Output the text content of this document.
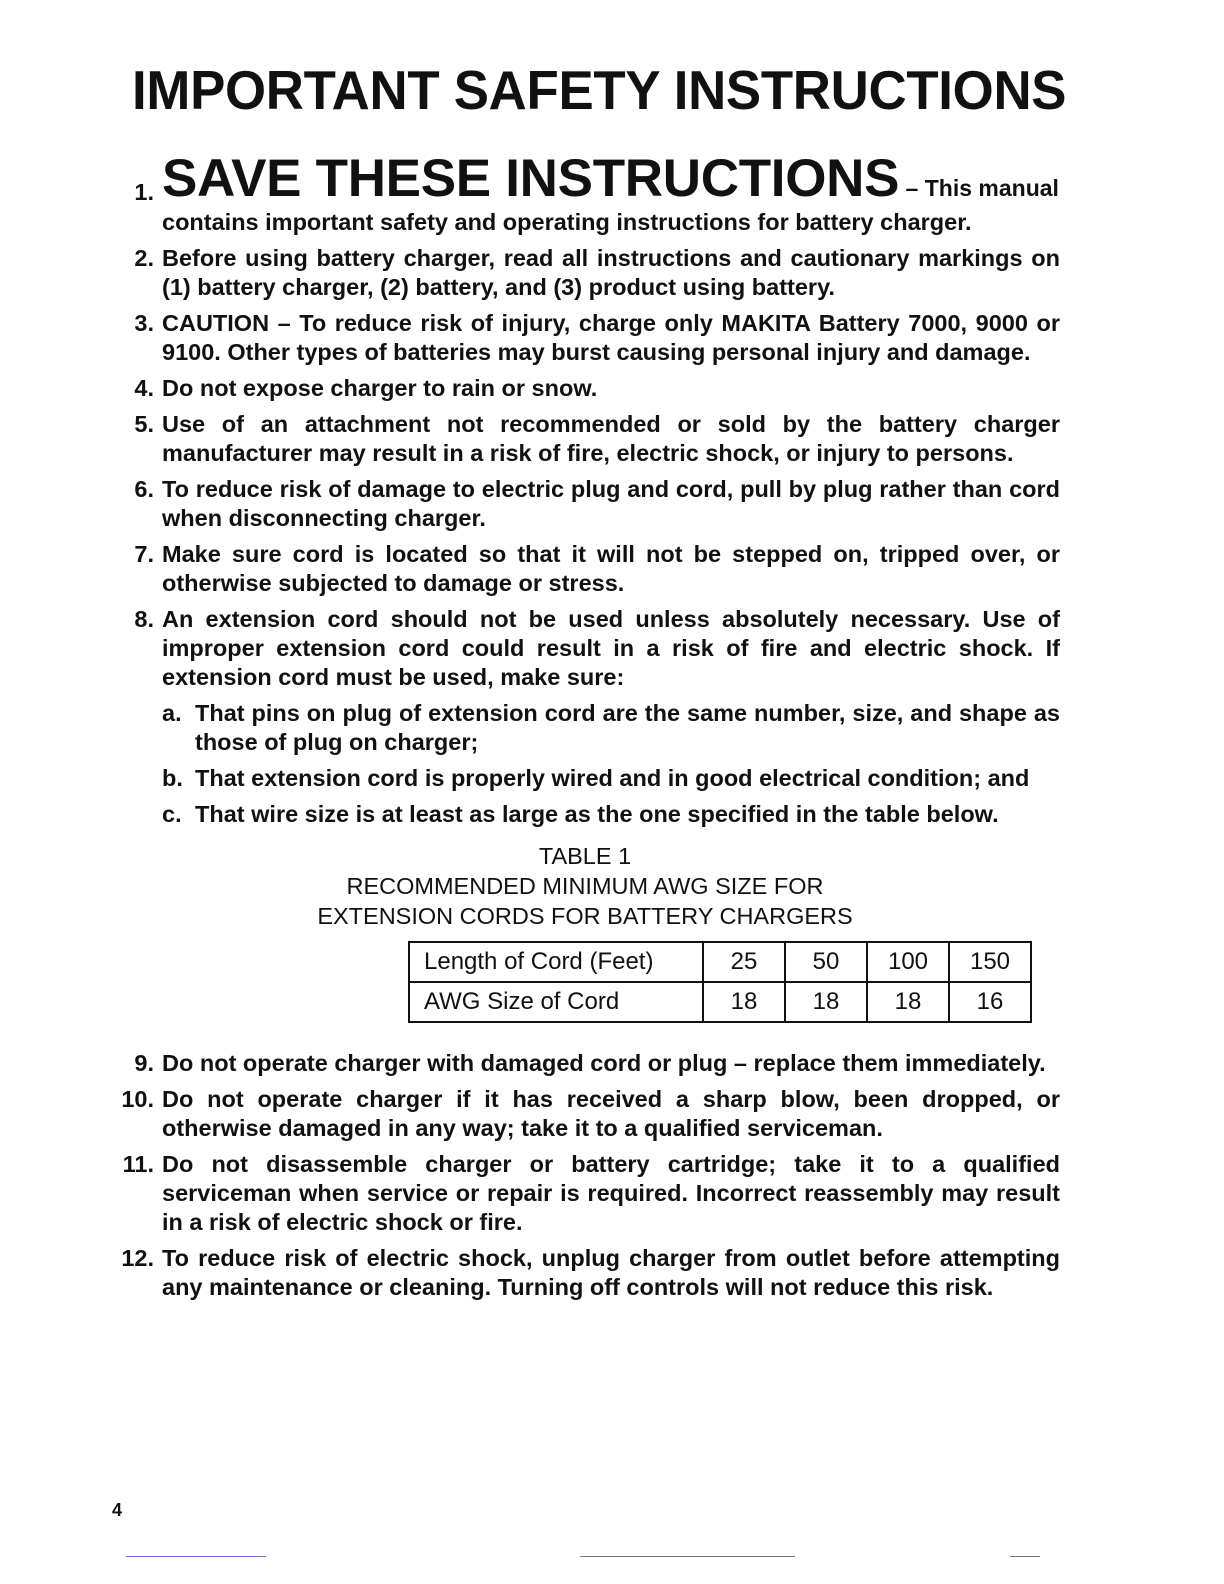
IMPORTANT SAFETY INSTRUCTIONS
1. SAVE THESE INSTRUCTIONS – This manual
contains important safety and operating instructions for battery charger.
2. Before using battery charger, read all instructions and cautionary markings on (1) battery charger, (2) battery, and (3) product using battery.
3. CAUTION – To reduce risk of injury, charge only MAKITA Battery 7000, 9000 or 9100. Other types of batteries may burst causing personal injury and damage.
4. Do not expose charger to rain or snow.
5. Use of an attachment not recommended or sold by the battery charger manufacturer may result in a risk of fire, electric shock, or injury to persons.
6. To reduce risk of damage to electric plug and cord, pull by plug rather than cord when disconnecting charger.
7. Make sure cord is located so that it will not be stepped on, tripped over, or otherwise subjected to damage or stress.
8. An extension cord should not be used unless absolutely necessary. Use of improper extension cord could result in a risk of fire and electric shock. If extension cord must be used, make sure:
a. That pins on plug of extension cord are the same number, size, and shape as those of plug on charger;
b. That extension cord is properly wired and in good electrical condition; and
c. That wire size is at least as large as the one specified in the table below.
TABLE 1
RECOMMENDED MINIMUM AWG SIZE FOR
EXTENSION CORDS FOR BATTERY CHARGERS
Length of Cord (Feet)	25	50	100	150
AWG Size of Cord	18	18	18	16
9. Do not operate charger with damaged cord or plug – replace them immediately.
10. Do not operate charger if it has received a sharp blow, been dropped, or otherwise damaged in any way; take it to a qualified serviceman.
11. Do not disassemble charger or battery cartridge; take it to a qualified serviceman when service or repair is required. Incorrect reassembly may result in a risk of electric shock or fire.
12. To reduce risk of electric shock, unplug charger from outlet before attempting any maintenance or cleaning. Turning off controls will not reduce this risk.
4
